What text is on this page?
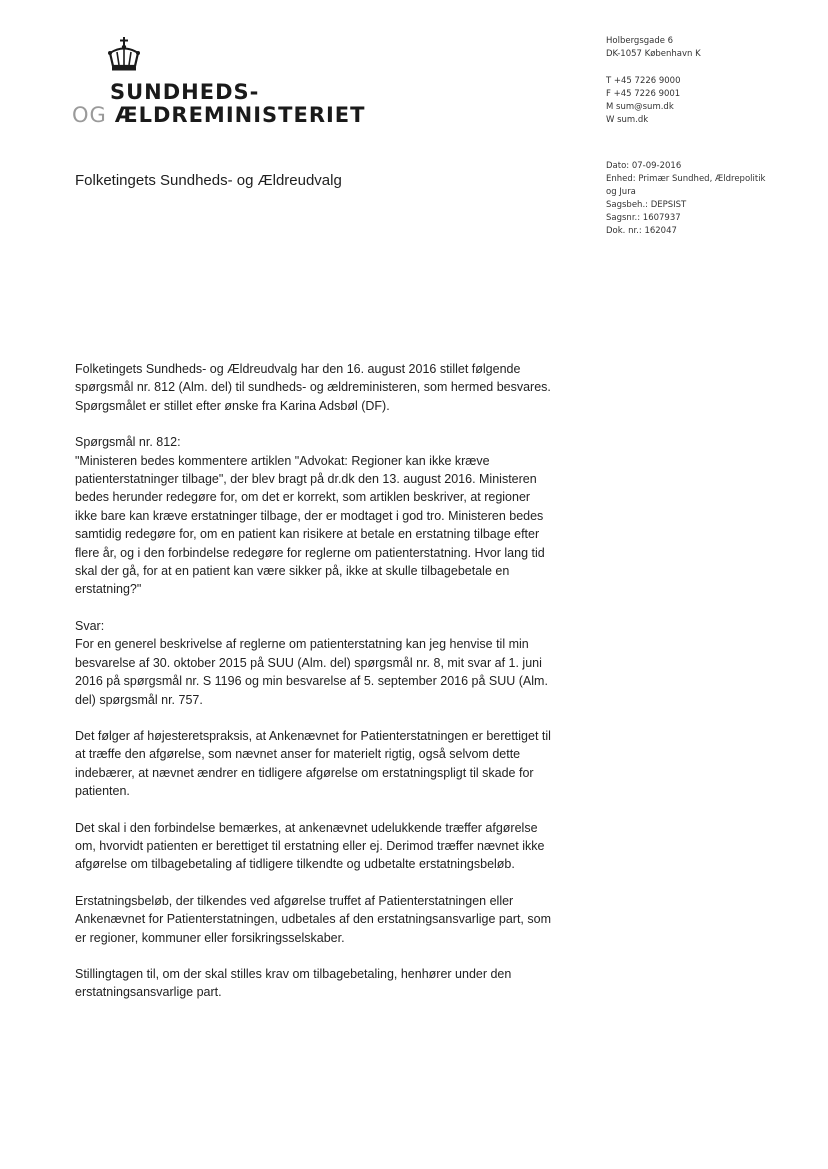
SUNDHEDS-
OG ÆLDREMINISTERIET
Holbergsgade 6
DK-1057 København K
T +45 7226 9000
F +45 7226 9001
M sum@sum.dk
W sum.dk
Dato: 07-09-2016
Enhed: Primær Sundhed, Ældrepolitik og Jura
Sagsbeh.: DEPSIST
Sagsnr.: 1607937
Dok. nr.: 162047
Folketingets Sundheds- og Ældreudvalg

Folketingets Sundheds- og Ældreudvalg har den 16. august 2016 stillet følgende spørgsmål nr. 812 (Alm. del) til sundheds- og ældreministeren, som hermed besvares. Spørgsmålet er stillet efter ønske fra Karina Adsbøl (DF).

Spørgsmål nr. 812:
"Ministeren bedes kommentere artiklen "Advokat: Regioner kan ikke kræve patienterstatninger tilbage", der blev bragt på dr.dk den 13. august 2016. Ministeren bedes herunder redegøre for, om det er korrekt, som artiklen beskriver, at regioner ikke bare kan kræve erstatninger tilbage, der er modtaget i god tro. Ministeren bedes samtidig redegøre for, om en patient kan risikere at betale en erstatning tilbage efter flere år, og i den forbindelse redegøre for reglerne om patienterstatning. Hvor lang tid skal der gå, for at en patient kan være sikker på, ikke at skulle tilbagebetale en erstatning?"

Svar:
For en generel beskrivelse af reglerne om patienterstatning kan jeg henvise til min besvarelse af 30. oktober 2015 på SUU (Alm. del) spørgsmål nr. 8, mit svar af 1. juni 2016 på spørgsmål nr. S 1196 og min besvarelse af 5. september 2016 på SUU (Alm. del) spørgsmål nr. 757.

Det følger af højesteretspraksis, at Ankenævnet for Patienterstatningen er berettiget til at træffe den afgørelse, som nævnet anser for materielt rigtig, også selvom dette indebærer, at nævnet ændrer en tidligere afgørelse om erstatningspligt til skade for patienten.

Det skal i den forbindelse bemærkes, at ankenævnet udelukkende træffer afgørelse om, hvorvidt patienten er berettiget til erstatning eller ej. Derimod træffer nævnet ikke afgørelse om tilbagebetaling af tidligere tilkendte og udbetalte erstatningsbeløb.

Erstatningsbeløb, der tilkendes ved afgørelse truffet af Patienterstatningen eller Ankenævnet for Patienterstatningen, udbetales af den erstatningsansvarlige part, som er regioner, kommuner eller forsikringsselskaber.

Stillingtagen til, om der skal stilles krav om tilbagebetaling, henhører under den erstatningsansvarlige part.
